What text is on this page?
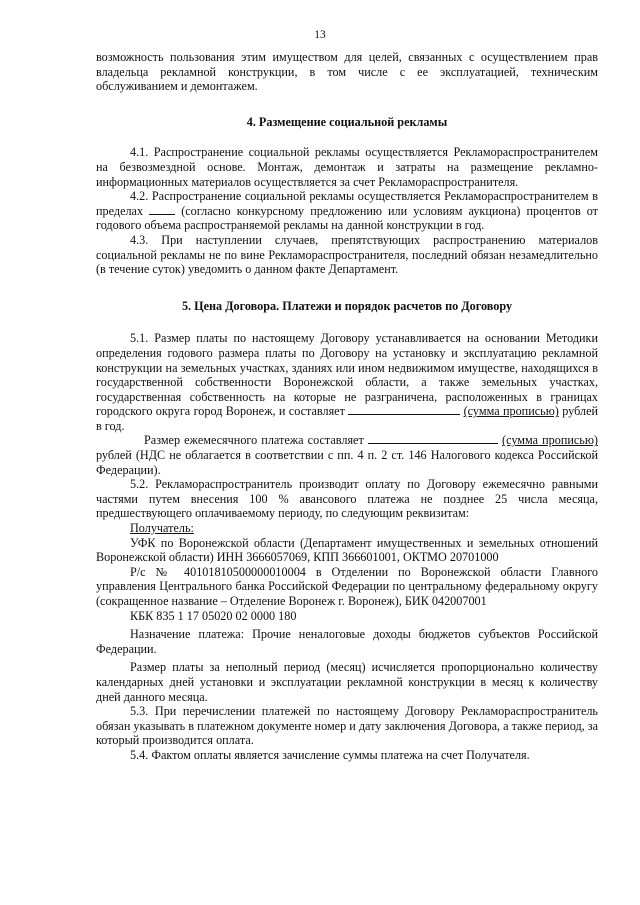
13

возможность пользования этим имуществом для целей, связанных с осуществлением прав владельца рекламной конструкции, в том числе с ее эксплуатацией, техническим обслуживанием и демонтажем.

4. Размещение социальной рекламы

4.1. Распространение социальной рекламы осуществляется Рекламораспространителем на безвозмездной основе. Монтаж, демонтаж и затраты на размещение рекламно-информационных материалов осуществляется за счет Рекламораспространителя.

4.2. Распространение социальной рекламы осуществляется Рекламораспространителем в пределах	(согласно конкурсному предложению или условиям аукциона) процентов от годового объема распространяемой рекламы на данной конструкции в год.

4.3. При наступлении случаев, препятствующих распространению материалов социальной рекламы не по вине Рекламораспространителя, последний обязан незамедлительно (в течение суток) уведомить о данном факте Департамент.

5. Цена Договора. Платежи и порядок расчетов по Договору

5.1. Размер платы по настоящему Договору устанавливается на основании Методики определения годового размера платы по Договору на установку и эксплуатацию рекламной конструкции на земельных участках, зданиях или ином недвижимом имуществе, находящихся в государственной собственности Воронежской области, а также земельных участках, государственная собственность на которые не разграничена, расположенных в границах городского округа город Воронеж, и составляет	(сумма прописью) рублей в год.

Размер ежемесячного платежа составляет	(сумма прописью) рублей (НДС не облагается в соответствии с пп. 4 п. 2 ст. 146 Налогового кодекса Российской Федерации).

5.2. Рекламораспространитель производит оплату по Договору ежемесячно равными частями путем внесения 100 % авансового платежа не позднее 25 числа месяца, предшествующего оплачиваемому периоду, по следующим реквизитам:

Получатель:

УФК по Воронежской области (Департамент имущественных и земельных отношений Воронежской области) ИНН 3666057069, КПП 366601001, ОКТМО 20701000

Р/с № 40101810500000010004 в Отделении по Воронежской области Главного управления Центрального банка Российской Федерации по центральному федеральному округу (сокращенное название – Отделение Воронеж г. Воронеж), БИК 042007001

КБК 835 1 17 05020 02 0000 180

Назначение платежа: Прочие неналоговые доходы бюджетов субъектов Российской Федерации.

Размер платы за неполный период (месяц) исчисляется пропорционально количеству календарных дней установки и эксплуатации рекламной конструкции в месяц к количеству дней данного месяца.

5.3. При перечислении платежей по настоящему Договору Рекламораспространитель обязан указывать в платежном документе номер и дату заключения Договора, а также период, за который производится оплата.

5.4. Фактом оплаты является зачисление суммы платежа на счет Получателя.
